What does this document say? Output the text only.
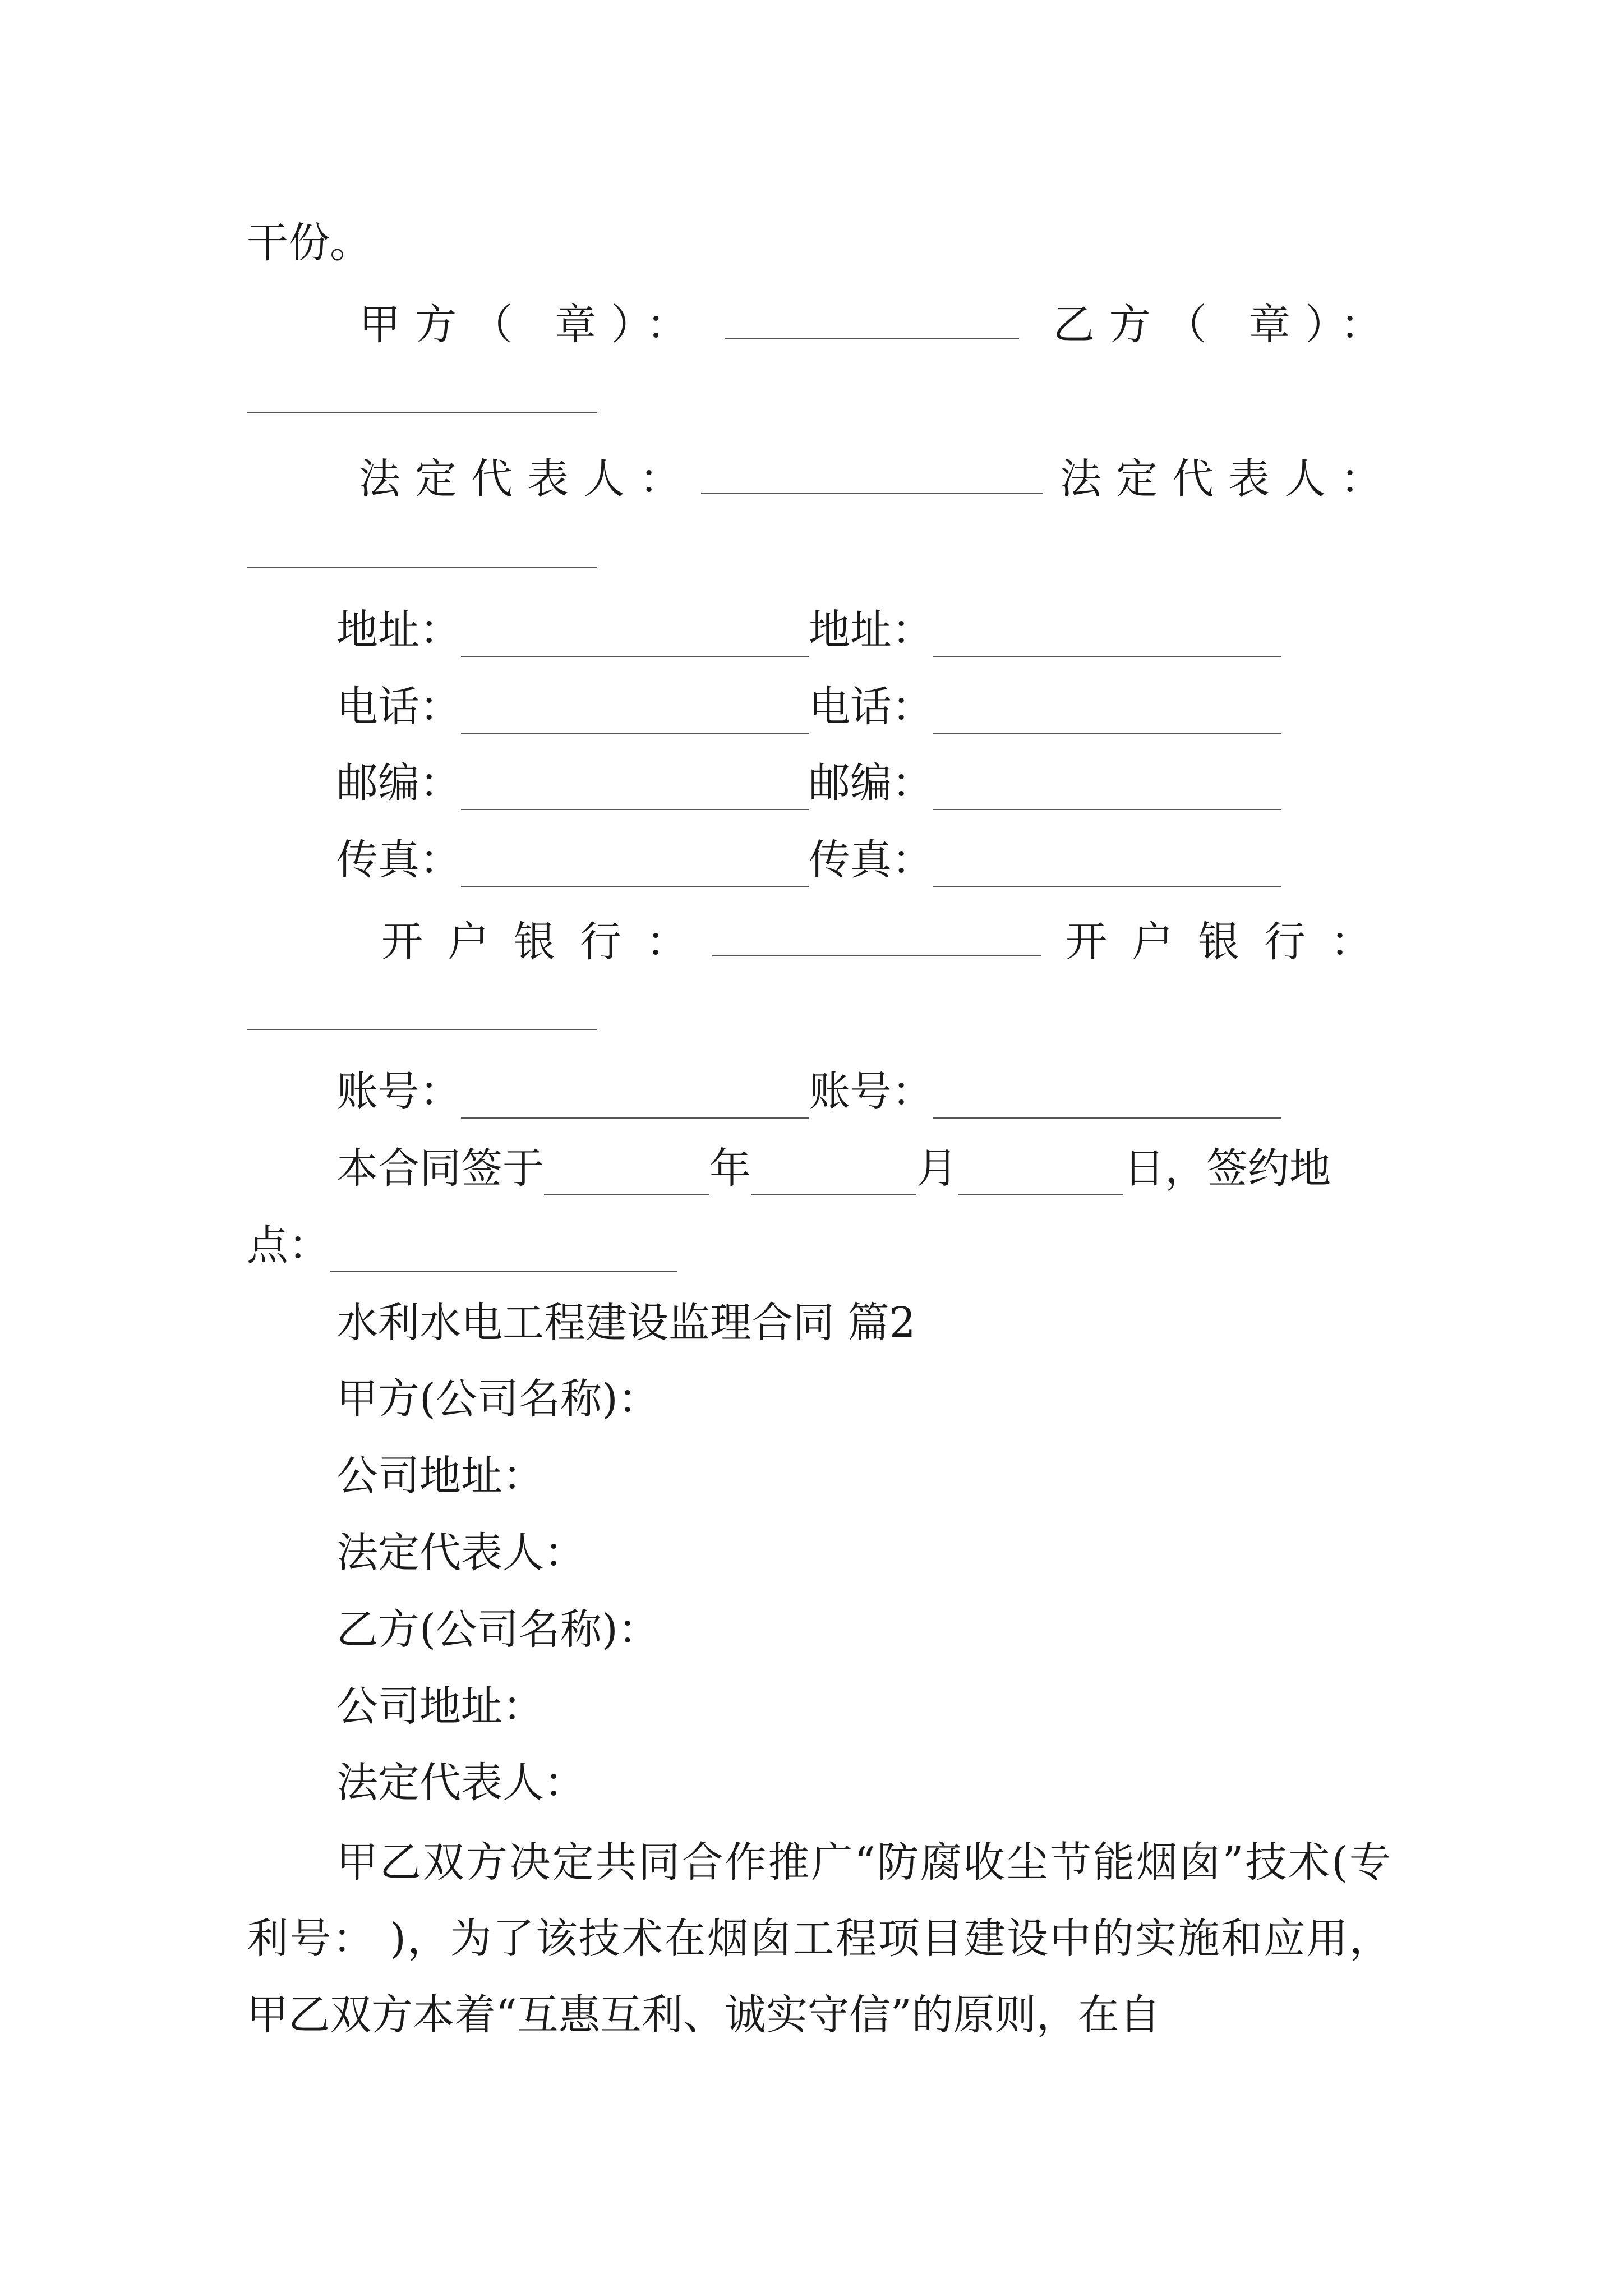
干份。
甲方（ 章）：	乙方（ 章）：
法定代表人：	法定代表人：
地址：	地址：
电话：	电话：
邮编：	邮编：
传真：	传真：
开户银行：	开户银行：
账号：	账号：
本合同签于	年	月	日，签约地
点：
水利水电工程建设监理合同 篇2
甲方(公司名称)：
公司地址：
法定代表人：
乙方(公司名称)：
公司地址：
法定代表人：
甲乙双方决定共同合作推广“防腐收尘节能烟囱”技术(专利号： )，为了该技术在烟囱工程项目建设中的实施和应用，甲乙双方本着“互惠互利、诚实守信”的原则，在自
